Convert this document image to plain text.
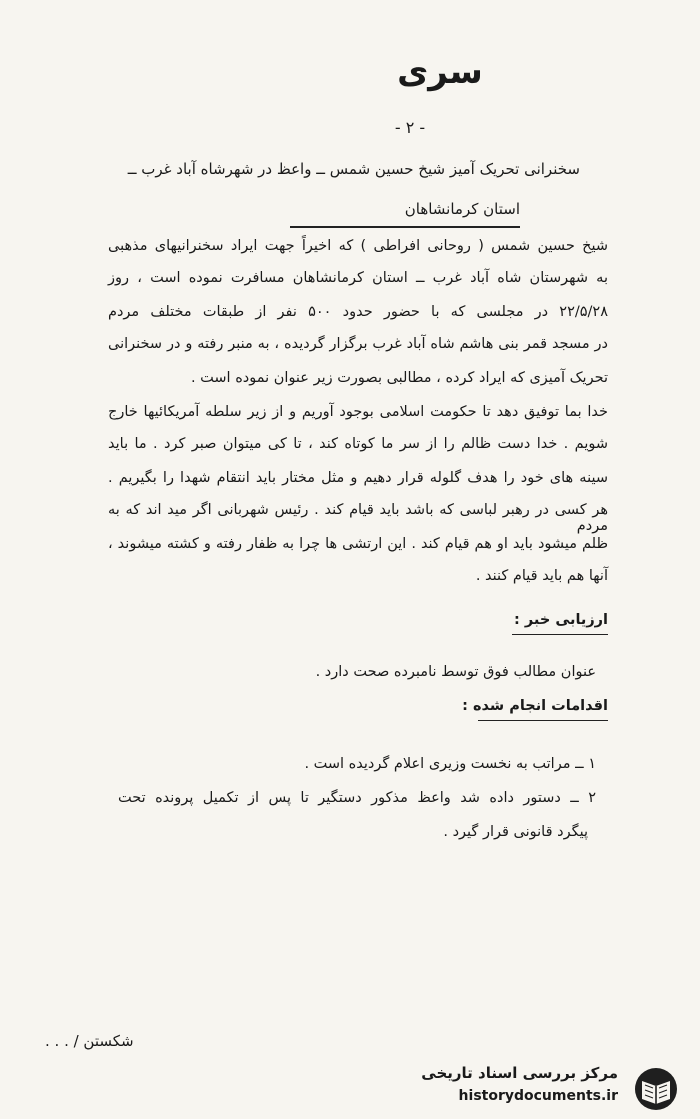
سری
- ۲ -
سخنرانی تحریک آمیز شیخ حسین شمس ــ واعظ در شهرشاه آباد غرب ــ
استان کرمانشاهان
شیخ حسین شمس ( روحانی افراطی ) که اخیراً جهت ایراد سخنرانیهای مذهبی
به شهرستان شاه آباد غرب ــ استان کرمانشاهان مسافرت نموده است ، روز
۲۲/۵/۲۸ در مجلسی که با حضور حدود ۵۰۰ نفر از طبقات مختلف مردم
در مسجد قمر بنی هاشم شاه آباد غرب برگزار گردیده ، به منبر رفته و در سخنرانی
تحریک آمیزی که ایراد کرده ، مطالبی بصورت زیر عنوان نموده است .
خدا بما توفیق دهد تا حکومت اسلامی بوجود آوریم و از زیر سلطه آمریکائیها خارج
شویم . خدا دست ظالم را از سر ما کوتاه کند ، تا کی میتوان صبر کرد . ما باید
سینه های خود را هدف گلوله قرار دهیم و مثل مختار باید انتقام شهدا را بگیریم .
هر کسی در رهبر لباسی که باشد باید قیام کند . رئیس شهربانی اگر مید اند که به مردم
ظلم میشود باید او هم قیام کند . این ارتشی ها چرا به ظفار رفته و کشته میشوند ،
آنها هم باید قیام کنند .
ارزیابی خبر :
عنوان مطالب فوق توسط نامبرده صحت دارد .
اقدامات انجام شده :
۱ ــ مراتب به نخست وزیری اعلام گردیده است .
۲ ــ دستور داده شد واعظ مذکور دستگیر تا پس از تکمیل پرونده تحت
پیگرد قانونی قرار گیرد .
شکستن / . . .
مرکز بررسی اسناد تاریخی
historydocuments.ir
